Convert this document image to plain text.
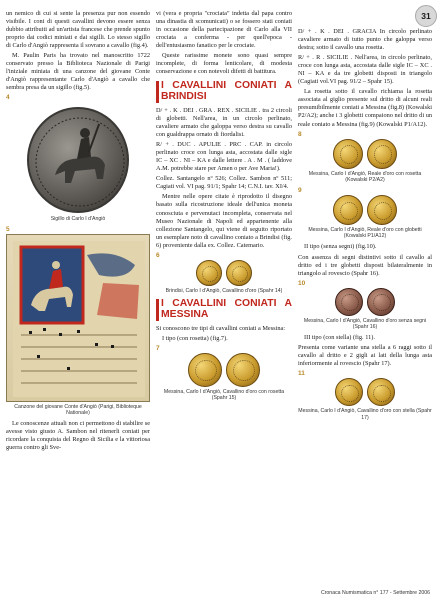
31

un nemico di cui si sente la presenza pur non essendo visibile. I coni di questi cavallini devono essere senza dubbio attribuiti ad un'artista francese che prende spunto proprio dai codici miniati e dai sigilli. Lo stesso sigillo di Carlo d'Angiò rappresenta il sovrano a cavallo (fig.4).

M. Paulin Paris ha trovato nel manoscritto 1722 conservato presso la Biblioteca Nazionale di Parigi l'iniziale miniata di una canzone del giovane Conte d'Angiò rappresentante Carlo d'Angiò a cavallo che sembra presa da un sigillo (fig.5).

4
Sigillo di Carlo I d'Angiò
5
Canzone del giovane Conte d'Angiò (Parigi, Biblioteque Nationale)

Le conoscenze attuali non ci permettono di stabilire se avesse visto giusto A. Sambon nel ritenerli coniati per ricordare la conquista del Regno di Sicilia e la vittoriosa guerra contro gli Sve-

vi (vera e propria "crociata" indetta dal papa contro una dinastia di scomunicati) o se fossero stati coniati in occasione della partecipazione di Carlo alla VII crociata a conferma - per quell'epoca - dell'entusiasmo fanatico per le crociate.

Queste rarissime monete sono quasi sempre incomplete, di forma lenticolare, di modesta conservazione e con notevoli difetti di battitura.

I CAVALLINI CONIATI A BRINDISI

D/ + . K . DEI . GRA . REX . SICILIE . tra 2 circoli di globetti. Nell'area, in un circolo perlinato, cavaliere armato che galoppa verso destra su cavallo con gualdrappa ornato di fiordalisi.

R/ + . DUC . APULIE . PRC . CAP. in circolo perlinato croce con lunga asta, accostata dalle sigle IC – XC . NI – KA e dalle lettere . A . M . ( laddove A.M. potrebbe stare per Amen o per Ave Maria!).

Collez. Santangelo nº 526; Collez. Sambon nº 511; Cagiati vol. VI pag. 91/1; Spahr 14; C.N.I. tav. XI/4.

Mentre nelle opere citate è riprodotto il disegno basato sulla ricostruzione ideale dell'unica moneta conosciuta e pervenutaci incompleta, conservata nel Museo Nazionale di Napoli ed appartenente alla collezione Santangelo, qui viene di seguito riportato un esemplare noto di cavallino coniato a Brindisi (fig. 6) proveniente dalla ex. Collez. Catemario.

6
Brindisi, Carlo I d'Angiò, Cavallino d'oro (Spahr 14)
I CAVALLINI CONIATI A MESSINA

Si conoscono tre tipi di cavallini coniati a Messina:

I tipo (con rosetta) (fig.7).

7
Messina, Carlo I d'Angiò, Cavallino d'oro con rosetta (Spahr 15)

D/ + . K . DEI . GRACIA In circolo perlinato cavaliere armato di tutto punto che galoppa verso destra; sotto il cavallo una rosetta.

R/ + . R . SICILIE . Nell'area, in circolo perlinato, croce con lunga asta, accostata dalle sigle IC – XC . NI – KA e da tre globetti disposti in triangolo (Cagiati vol.VI pag. 91/2 – Spahr 15).

La rosetta sotto il cavallo richiama la rosetta associata al giglio presente sul dritto di alcuni reali presumibilmente coniati a Messina (fig.8) (Kowalski P2/A2); anche i 3 globetti compaiono nel dritto di un reale coniato a Messina (fig.9) (Kowalski P1/A12).

8
Messina, Carlo I d'Angiò, Reale d'oro con rosetta (Kowalski P2/A2)
9
Messina, Carlo I d'Angiò, Reale d'oro con globetti (Kowalski P1/A12)

II tipo (senza segni) (fig.10).

Con assenza di segni distintivi sotto il cavallo al dritto ed i tre globetti disposti bilateralmente in triangolo al rovescio (Spahr 16).

10
Messina, Carlo I d'Angiò, Cavallino d'oro senza segni (Spahr 16)

III tipo (con stella) (fig. 11).

Presenta come variante una stella a 6 raggi sotto il cavallo al dritto e 2 gigli ai lati della lunga asta inferiormente al rovescio (Spahr 17).

11
Messina, Carlo I d'Angiò, Cavallino d'oro con stella (Spahr 17)
Cronaca Numismatica n° 177 - Settembre 2006
